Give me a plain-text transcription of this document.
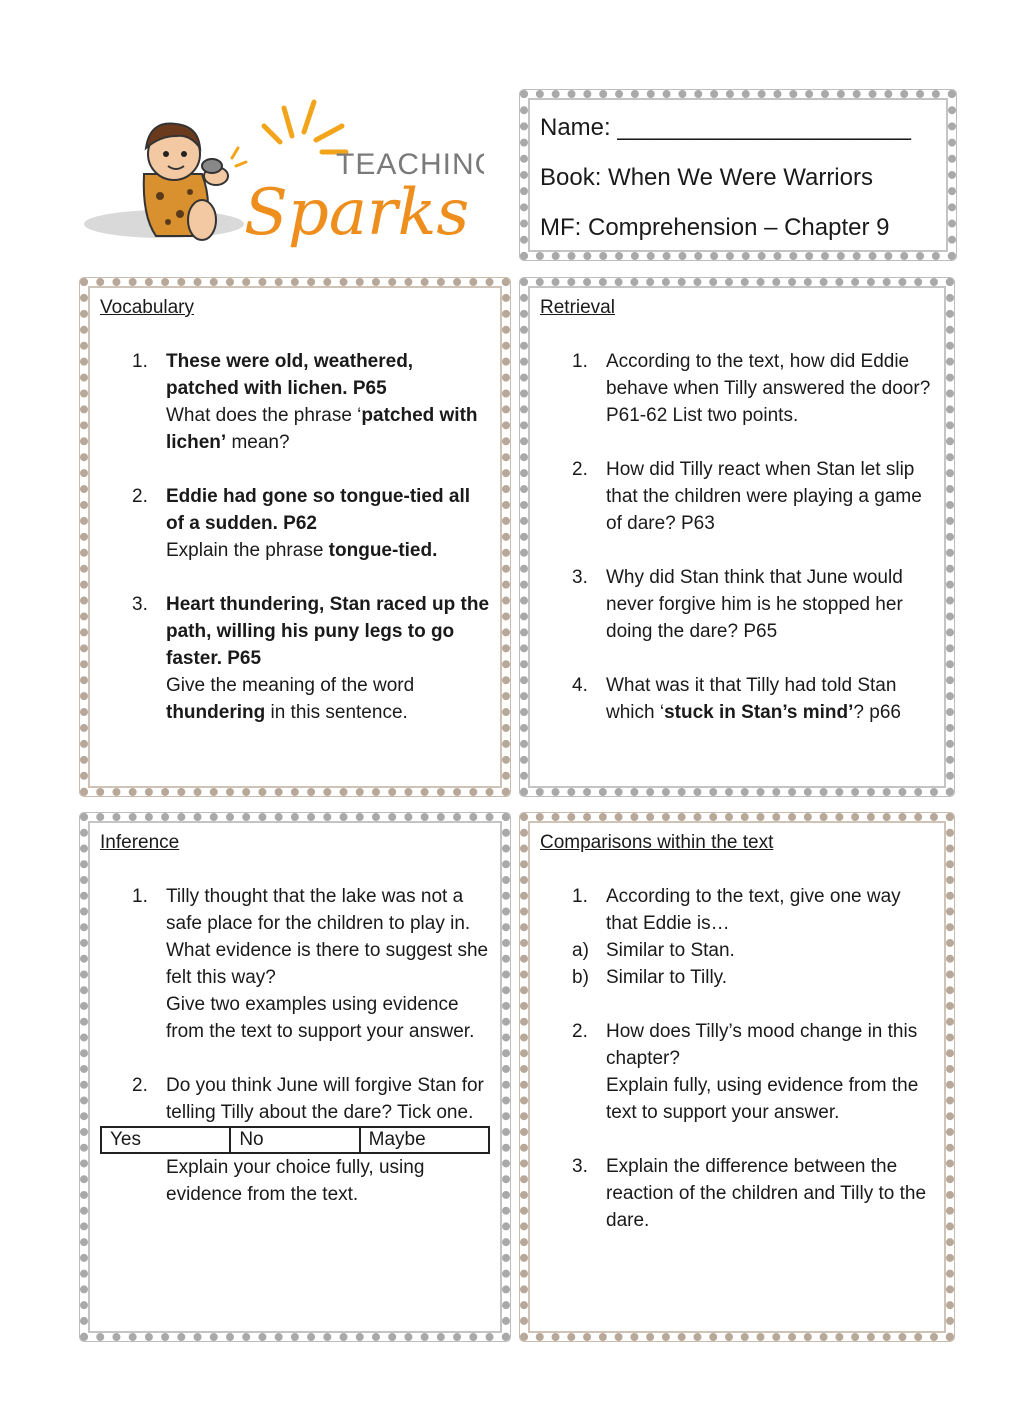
TEACHING
Sparks
Name: ______________________
Book: When We Were Warriors
MF: Comprehension – Chapter 9

Vocabulary

1. These were old, weathered, patched with lichen. P65
What does the phrase ‘patched with lichen’ mean?
2. Eddie had gone so tongue-tied all of a sudden. P62
Explain the phrase tongue-tied.
3. Heart thundering, Stan raced up the path, willing his puny legs to go faster. P65
Give the meaning of the word thundering in this sentence.

Retrieval

1. According to the text, how did Eddie behave when Tilly answered the door? P61-62 List two points.
2. How did Tilly react when Stan let slip that the children were playing a game of dare? P63
3. Why did Stan think that June would never forgive him is he stopped her doing the dare? P65
4. What was it that Tilly had told Stan which ‘stuck in Stan’s mind’? p66

Inference

1. Tilly thought that the lake was not a safe place for the children to play in. What evidence is there to suggest she felt this way?
Give two examples using evidence from the text to support your answer.
2. Do you think June will forgive Stan for telling Tilly about the dare? Tick one.
Yes	No	Maybe
Explain your choice fully, using evidence from the text.

Comparisons within the text

1. According to the text, give one way that Eddie is…
a) Similar to Stan.
b) Similar to Tilly.
2. How does Tilly’s mood change in this chapter?
Explain fully, using evidence from the text to support your answer.
3. Explain the difference between the reaction of the children and Tilly to the dare.
